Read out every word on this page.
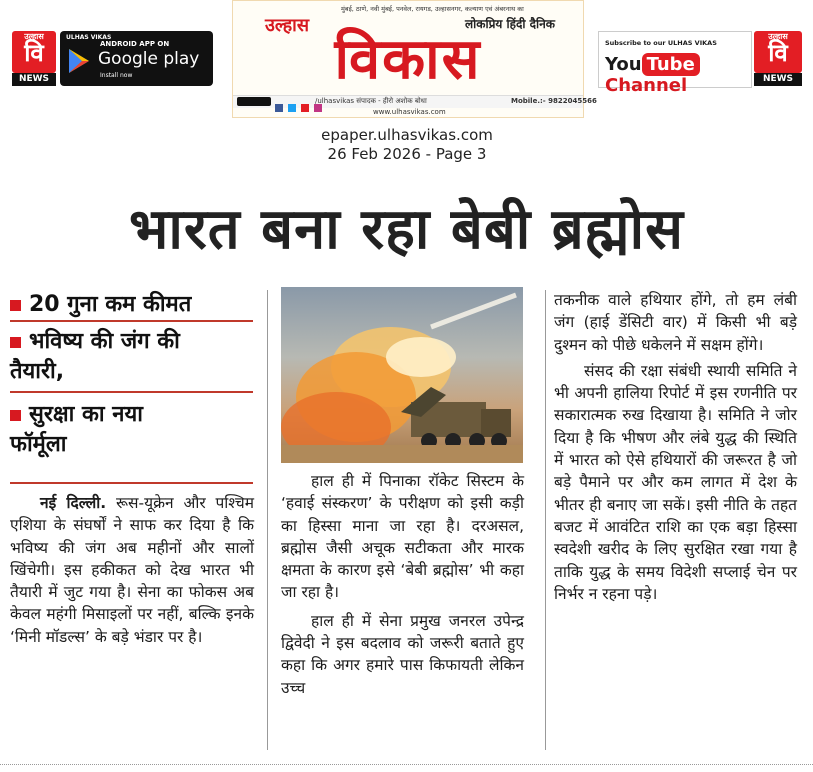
उल्हास
वि
NEWS
ULHAS VIKAS
ANDROID APP ON
Google play
Install now
मुंबई, ठाणे, नवी मुंबई, पनवेल, रायगड, उल्हासनगर, कल्याण एवं अंबरनाथ का
लोकप्रिय हिंदी दैनिक
उल्हास
विकास

/ulhasvikas संपादक - हीरो अशोक बोधा	Mobile.:- 9822045566
www.ulhasvikas.com
Subscribe to our ULHAS VIKAS
You Tube Channel
उल्हास
वि
NEWS
epaper.ulhasvikas.com
26 Feb 2026 - Page 3
भारत बना रहा बेबी ब्रह्मोस
20 गुना कम कीमत
भविष्य की जंग की
तैयारी,
सुरक्षा का नया
फॉर्मूला

नई दिल्ली. रूस-यूक्रेन और पश्चिम एशिया के संघर्षों ने साफ कर दिया है कि भविष्य की जंग अब महीनों और सालों खिंचेगी। इस हकीकत को देख भारत भी तैयारी में जुट गया है। सेना का फोकस अब केवल महंगी मिसाइलों पर नहीं, बल्कि इनके ‘मिनी मॉडल्स’ के बड़े भंडार पर है।

हाल ही में पिनाका रॉकेट सिस्टम के ‘हवाई संस्करण’ के परीक्षण को इसी कड़ी का हिस्सा माना जा रहा है। दरअसल, ब्रह्मोस जैसी अचूक सटीकता और मारक क्षमता के कारण इसे ‘बेबी ब्रह्मोस’ भी कहा जा रहा है।

हाल ही में सेना प्रमुख जनरल उपेन्द्र द्विवेदी ने इस बदलाव को जरूरी बताते हुए कहा कि अगर हमारे पास किफायती लेकिन उच्च

तकनीक वाले हथियार होंगे, तो हम लंबी जंग (हाई डेंसिटी वार) में किसी भी बड़े दुश्मन को पीछे धकेलने में सक्षम होंगे।

संसद की रक्षा संबंधी स्थायी समिति ने भी अपनी हालिया रिपोर्ट में इस रणनीति पर सकारात्मक रुख दिखाया है। समिति ने जोर दिया है कि भीषण और लंबे युद्ध की स्थिति में भारत को ऐसे हथियारों की जरूरत है जो बड़े पैमाने पर और कम लागत में देश के भीतर ही बनाए जा सकें। इसी नीति के तहत बजट में आवंटित राशि का एक बड़ा हिस्सा स्वदेशी खरीद के लिए सुरक्षित रखा गया है ताकि युद्ध के समय विदेशी सप्लाई चेन पर निर्भर न रहना पड़े।
